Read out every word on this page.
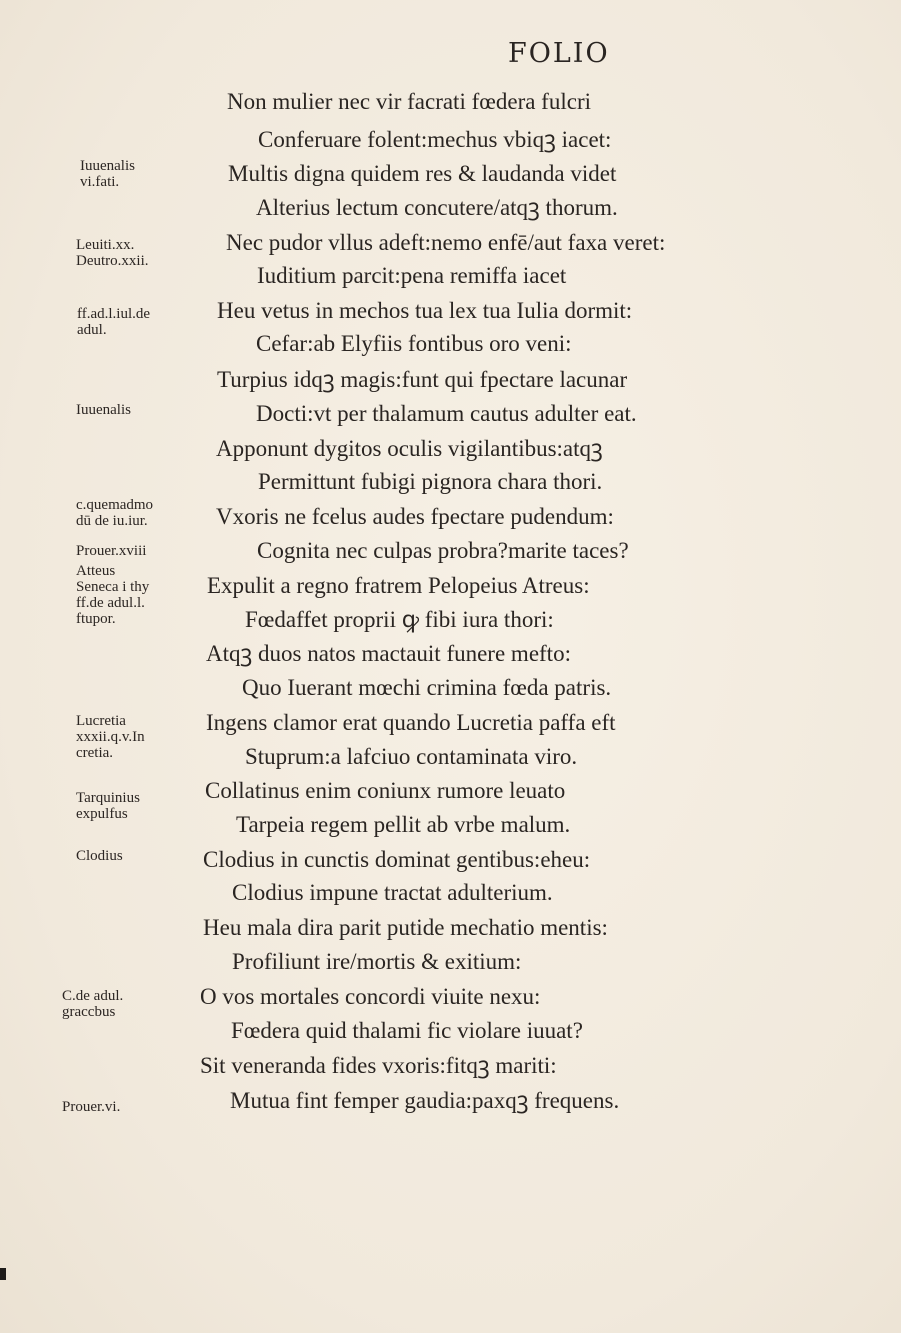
FOLIO
Non mulier nec vir facrati fœdera fulcri
Conferuare folent:mechus vbiqꝫ iacet:
Multis digna quidem res & laudanda videt
Alterius lectum concutere/atqꝫ thorum.
Nec pudor vllus adeft:nemo enfē/aut faxa veret:
Iuditium parcit:pena remiffa iacet
Heu vetus in mechos tua lex tua Iulia dormit:
Cefar:ab Elyfiis fontibus oro veni:
Turpius idqꝫ magis:funt qui fpectare lacunar
Docti:vt per thalamum cautus adulter eat.
Apponunt dygitos oculis vigilantibus:atqꝫ
Permittunt fubigi pignora chara thori.
Vxoris ne fcelus audes fpectare pudendum:
Cognita nec culpas probra?marite taces?
Expulit a regno fratrem Pelopeius Atreus:
Fœdaffet proprii ꝙ fibi iura thori:
Atqꝫ duos natos mactauit funere mefto:
Quo Iuerant mœchi crimina fœda patris.
Ingens clamor erat quando Lucretia paffa eft
Stuprum:a lafciuo contaminata viro.
Collatinus enim coniunx rumore leuato
Tarpeia regem pellit ab vrbe malum.
Clodius in cunctis dominat gentibus:eheu:
Clodius impune tractat adulterium.
Heu mala dira parit putide mechatio mentis:
Profiliunt ire/mortis & exitium:
O vos mortales concordi viuite nexu:
Fœdera quid thalami fic violare iuuat?
Sit veneranda fides vxoris:fitqꝫ mariti:
Mutua fint femper gaudia:paxqꝫ frequens.
Iuuenalis
vi.fati.
Leuiti.xx.
Deutro.xxii.
ff.ad.l.iul.de
adul.
Iuuenalis
c.quemadmo
dū de iu.iur.
Prouer.xviii
Atteus
Seneca i thy
ff.de adul.l.
ftupor.
Lucretia
xxxii.q.v.In
cretia.
Tarquinius
expulfus
Clodius
C.de adul.
graccbus
Prouer.vi.
